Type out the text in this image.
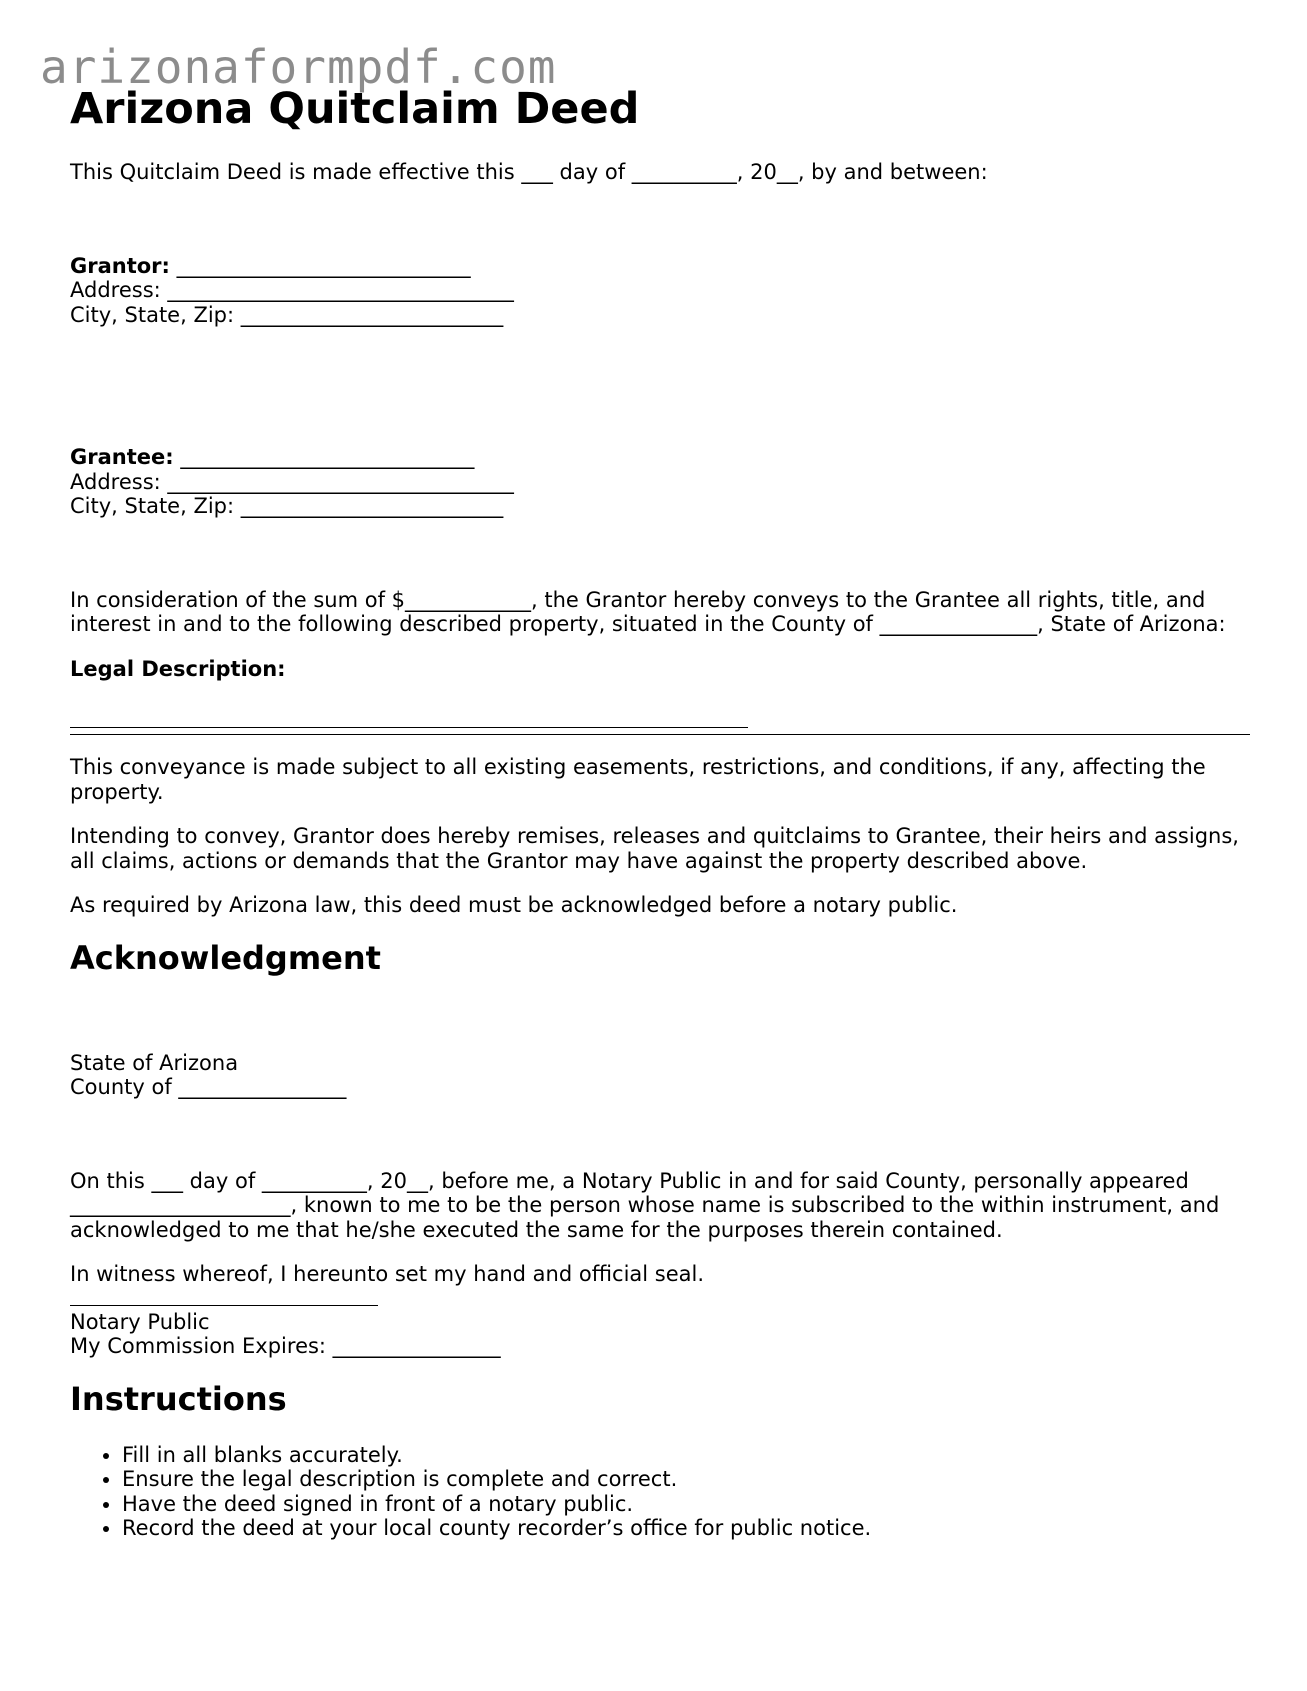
arizonaformpdf.com
Arizona Quitclaim Deed

This Quitclaim Deed is made effective this ___ day of __________, 20__, by and between:

Grantor: ____________________________
Address: _________________________________
City, State, Zip: _________________________

Grantee: ____________________________
Address: _________________________________
City, State, Zip: _________________________

In consideration of the sum of $____________, the Grantor hereby conveys to the Grantee all rights, title, and interest in and to the following described property, situated in the County of _______________, State of Arizona:

Legal Description:

This conveyance is made subject to all existing easements, restrictions, and conditions, if any, affecting the property.

Intending to convey, Grantor does hereby remises, releases and quitclaims to Grantee, their heirs and assigns, all claims, actions or demands that the Grantor may have against the property described above.

As required by Arizona law, this deed must be acknowledged before a notary public.

Acknowledgment

State of Arizona
County of ________________

On this ___ day of __________, 20__, before me, a Notary Public in and for said County, personally appeared _____________________, known to me to be the person whose name is subscribed to the within instrument, and acknowledged to me that he/she executed the same for the purposes therein contained.

In witness whereof, I hereunto set my hand and official seal.

Notary Public
My Commission Expires: ________________
Instructions
• Fill in all blanks accurately.
• Ensure the legal description is complete and correct.
• Have the deed signed in front of a notary public.
• Record the deed at your local county recorder’s office for public notice.
